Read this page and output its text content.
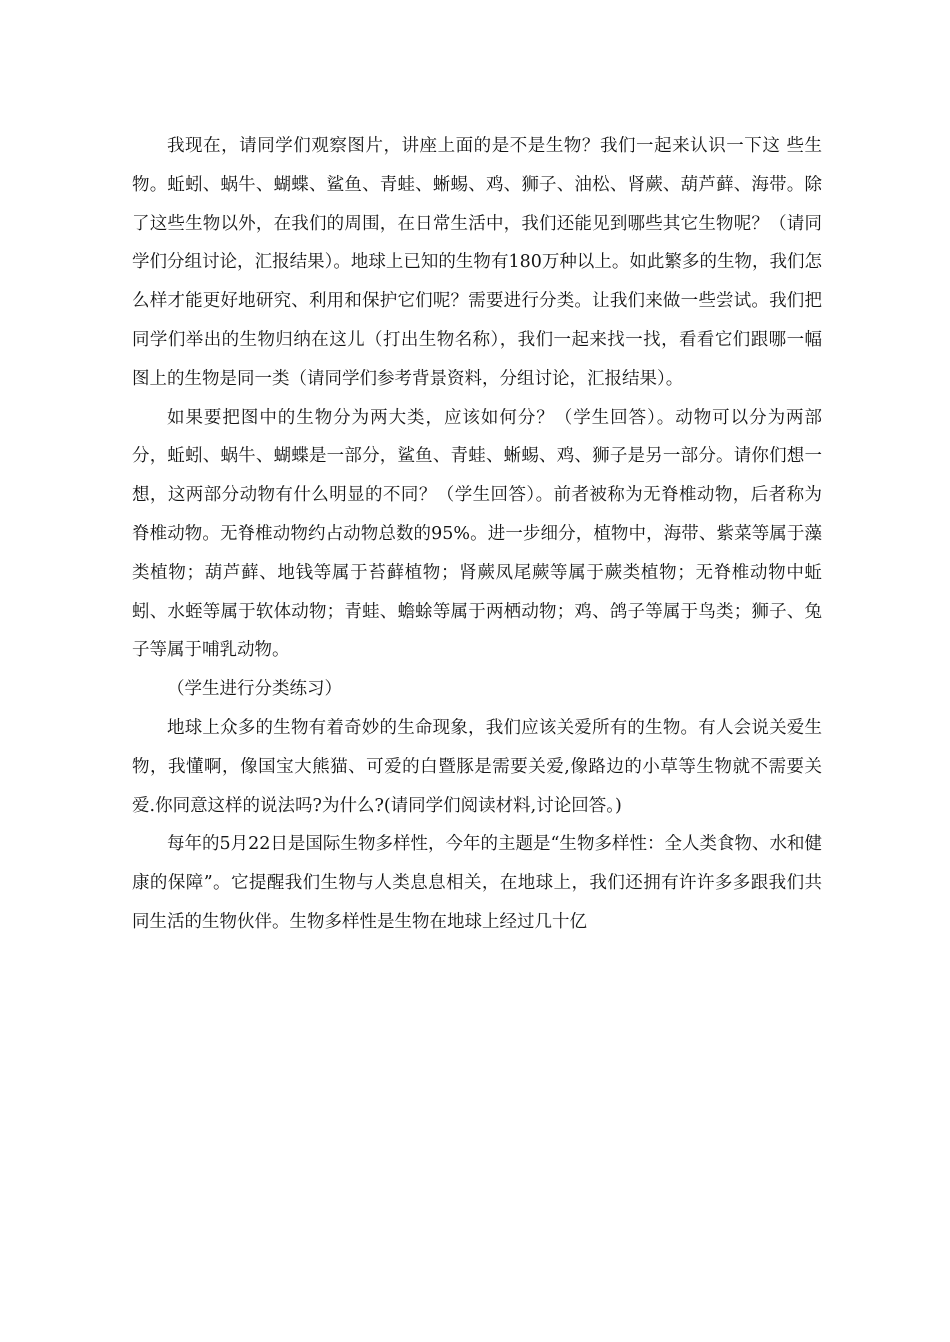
我现在，请同学们观察图片，讲座上面的是不是生物？我们一起来认识一下这 些生物。蚯蚓、蜗牛、蝴蝶、鲨鱼、青蛙、蜥蜴、鸡、狮子、油松、肾蕨、葫芦藓、海带。除了这些生物以外，在我们的周围，在日常生活中，我们还能见到哪些其它生物呢？（请同学们分组讨论，汇报结果）。地球上已知的生物有180万种以上。如此繁多的生物，我们怎么样才能更好地研究、利用和保护它们呢？需要进行分类。让我们来做一些尝试。我们把同学们举出的生物归纳在这儿（打出生物名称），我们一起来找一找，看看它们跟哪一幅图上的生物是同一类（请同学们参考背景资料，分组讨论，汇报结果）。

如果要把图中的生物分为两大类，应该如何分？（学生回答）。动物可以分为两部分，蚯蚓、蜗牛、蝴蝶是一部分，鲨鱼、青蛙、蜥蜴、鸡、狮子是另一部分。请你们想一想，这两部分动物有什么明显的不同？（学生回答）。前者被称为无脊椎动物，后者称为脊椎动物。无脊椎动物约占动物总数的95%。进一步细分，植物中，海带、紫菜等属于藻类植物；葫芦藓、地钱等属于苔藓植物；肾蕨凤尾蕨等属于蕨类植物；无脊椎动物中蚯蚓、水蛭等属于软体动物；青蛙、蟾蜍等属于两栖动物；鸡、鸽子等属于鸟类；狮子、兔子等属于哺乳动物。

（学生进行分类练习）

地球上众多的生物有着奇妙的生命现象，我们应该关爱所有的生物。有人会说关爱生物，我懂啊，像国宝大熊猫、可爱的白暨豚是需要关爱,像路边的小草等生物就不需要关爱.你同意这样的说法吗?为什么?(请同学们阅读材料,讨论回答。)

每年的5月22日是国际生物多样性，今年的主题是“生物多样性：全人类食物、水和健康的保障”。它提醒我们生物与人类息息相关，在地球上，我们还拥有许许多多跟我们共同生活的生物伙伴。生物多样性是生物在地球上经过几十亿
